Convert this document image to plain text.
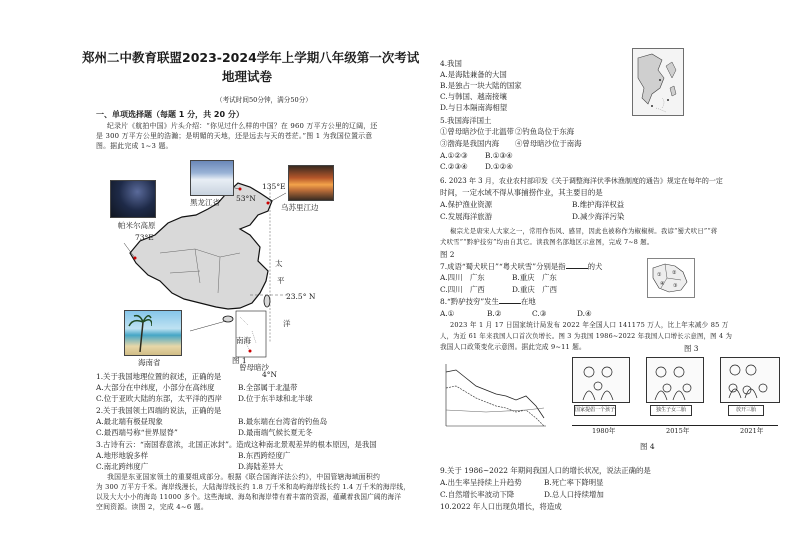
郑州二中教育联盟2023-2024学年上学期八年级第一次考试
地理试卷
（考试时间50分钟，满分50分）
一、单项选择题（每题 1 分，共 20 分）
纪录片《航拍中国》片头介绍：“你见过什么样的中国？在 960 万平方公里的辽阔，还
是 300 万平方公里的浩瀚；是明媚的天地，还是远去与天的苍茫。”图 1 为我国位置示意
图。据此完成 1~3 题。
黑龙江省
乌苏里江边
帕米尔高原
73°E
53°N
太
平
洋
23.5° N
南海
曾母暗沙
4°N
海南省
135°E
图 1
1.关于我国地理位置的叙述，正确的是
A.大部分在中纬度，小部分在高纬度	B.全部属于北温带
C.位于亚欧大陆的东部，太平洋的西岸 D.位于东半球和北半球
2.关于我国领土四端的说法，正确的是
A.最北端有极昼现象	B.最东端在台湾省的钓鱼岛
C.最西端号称“世界屋脊”	D.最南端气候长夏无冬
3.古诗有云：“南国春意浓，北国正冰封”。造成这种南北景观差异的根本原因，是我国
A.地形地貌多样	B.东西跨经度广
C.南北跨纬度广	D.海陆差异大
我国是东亚国家领土的重要组成部分。根据《联合国海洋法公约》，中国管辖海域面积约
为 300 万平方千米。海岸线漫长，大陆海岸线长约 1.8 万千米和岛屿海岸线长约 1.4 万千米的海岸线，
以及大大小小的海岛 11000 多个。这些海域、海岛和海岸带有着丰富的资源，蕴藏着我国广阔的海洋
空间资源。读图 2，完成 4~6 题。
4.我国
A.是海陆兼备的大国
B.是独占一块大陆的国家
C.与韩国、越南接壤
D.与日本隔南海相望
5.我国海洋国土
①曾母暗沙位于北温带 ②钓鱼岛位于东海
③渤海是我国内海 ④曾母暗沙位于南海
A.①②③ B.①③④
C.②③④ D.①②④
6. 2023 年 3 月，农业农村部印发《关于调整海洋伏季休渔制度的通告》规定在每年的一定
时间，一定水域不得从事捕捞作业，其主要目的是
A.保护渔业资源	B.维护海洋权益
C.发展海洋旅游	D.减少海洋污染
椒宗尤是唐宋人大家之一，常用作伤风、感冒，因此也被称作为椒椒树。我谚“蜀犬吠日”“蒋
犬吠雪”“黔驴技穷”均由自其它。读我图名部地区示意图，完成 7~8 题。
图 2
① ②
③
④
7.成语“蜀犬吠日”“粤犬吠雪”分别是指	的犬
A.四川　广东	B.重庆　广东
C.四川　广西	D.重庆　广西
8.“黔驴技穷”发生	在地
A.①	B.②	C.③	D.④
2023 年 1 月 17 日国家统计局发布 2022 年全国人口 141175 万人，比上年末减少 85 万
人，为近 61 年来我国人口首次负增长。图 3 为我国 1986~2022 年我国人口增长示意图，图 4 为
我国人口政策变化示意图。据此完成 9~11 题。	图 3
国家提倡一个孩子	独生子女二胎	放开三胎
1980年	2015年	2021年
图 4
9.关于 1986~2022 年期间我国人口的增长状况，说法正确的是
A.出生率呈持续上升趋势	B.死亡率下降明显
C.自然增长率波动下降	D.总人口持续增加
10.2022 年人口出现负增长，将造成
